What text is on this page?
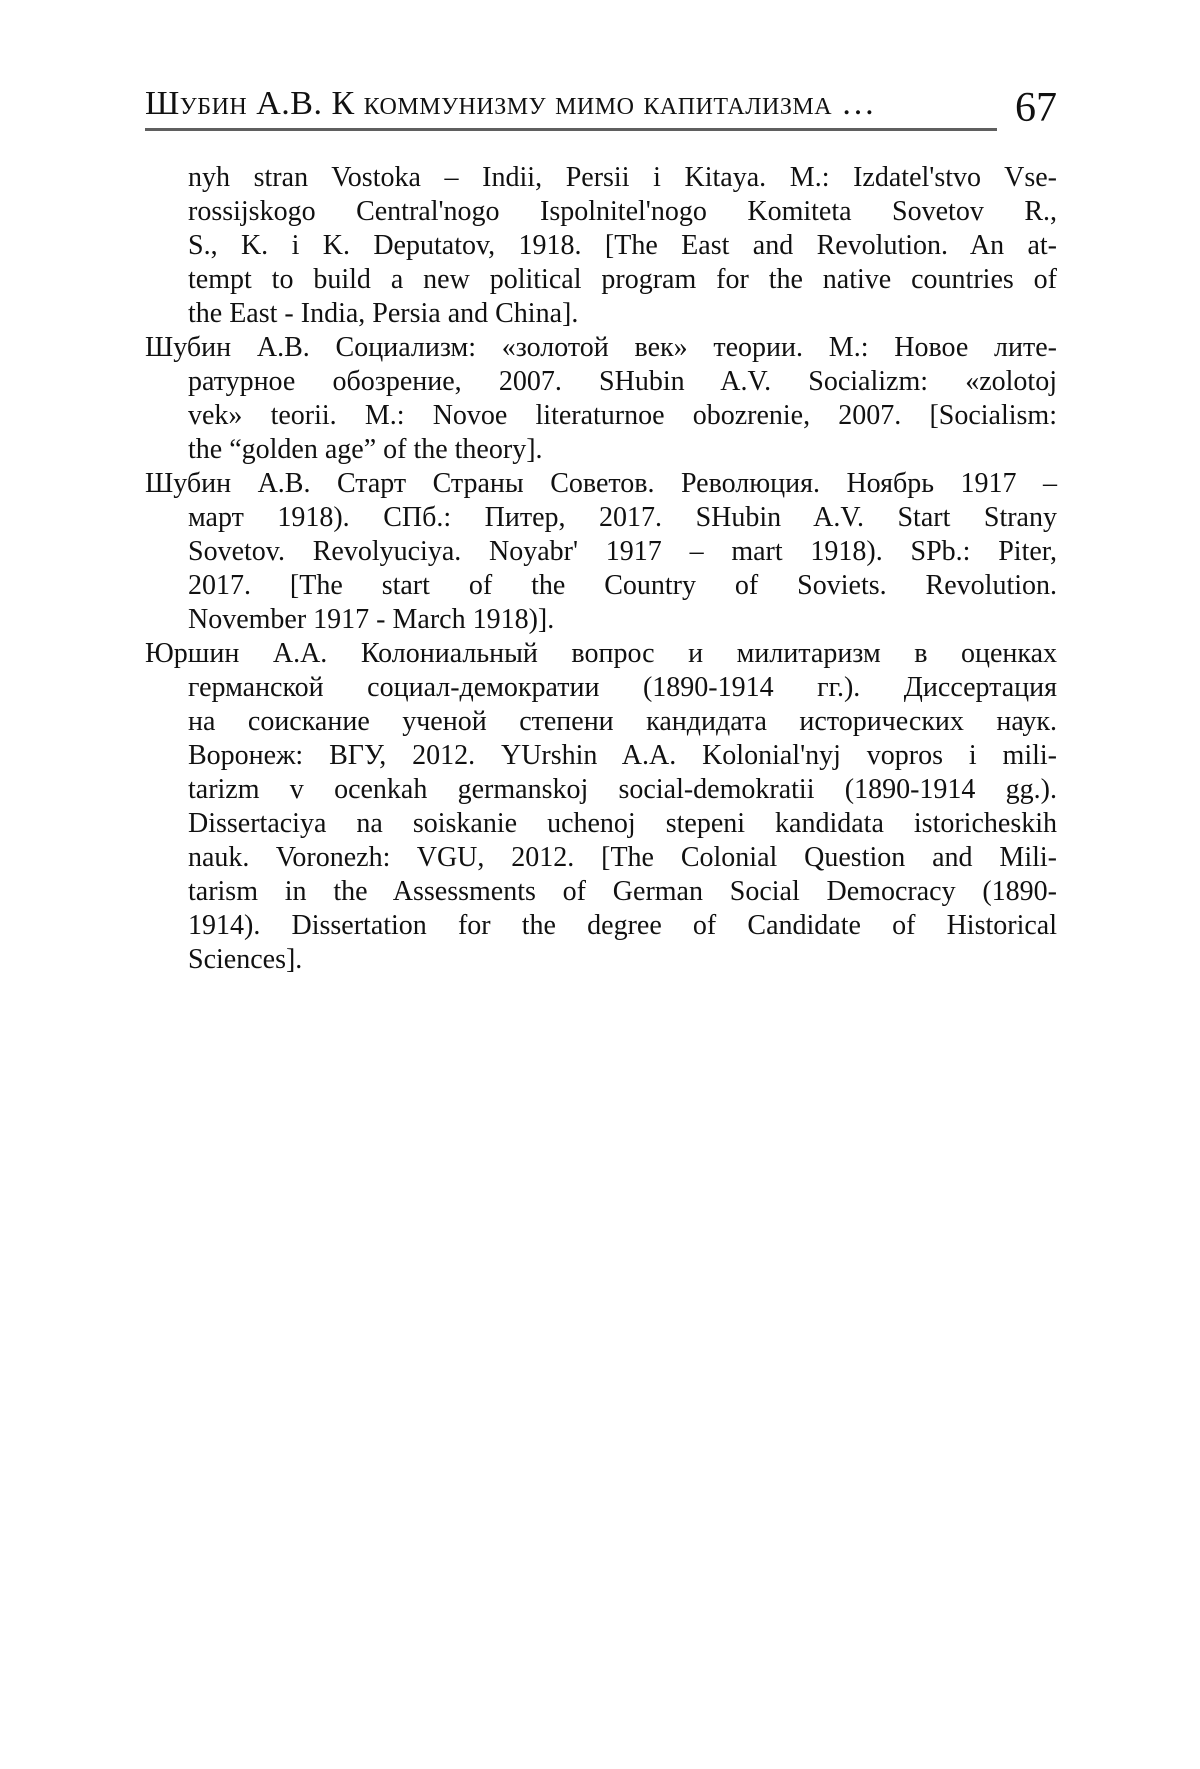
Шубин А.В. К коммунизму мимо капитализма …	67
nyh stran Vostoka – Indii, Persii i Kitaya. M.: Izdatel'stvo Vse-
rossijskogo Central'nogo Ispolnitel'nogo Komiteta Sovetov R.,
S., K. i K. Deputatov, 1918. [The East and Revolution. An at-
tempt to build a new political program for the native countries of
the East - India, Persia and China].
Шубин А.В. Социализм: «золотой век» теории. М.: Новое лите-
ратурное обозрение, 2007. SHubin A.V. Socializm: «zolotoj
vek» teorii. M.: Novoe literaturnoe obozrenie, 2007. [Socialism:
the “golden age” of the theory].
Шубин А.В. Старт Страны Советов. Революция. Ноябрь 1917 –
март 1918). СПб.: Питер, 2017. SHubin A.V. Start Strany
Sovetov. Revolyuciya. Noyabr' 1917 – mart 1918). SPb.: Piter,
2017. [The start of the Country of Soviets. Revolution.
November 1917 - March 1918)].
Юршин А.А. Колониальный вопрос и милитаризм в оценках
германской социал-демократии (1890-1914 гг.). Диссертация
на соискание ученой степени кандидата исторических наук.
Воронеж: ВГУ, 2012. YUrshin A.A. Kolonial'nyj vopros i mili-
tarizm v ocenkah germanskoj social-demokratii (1890-1914 gg.).
Dissertaciya na soiskanie uchenoj stepeni kandidata istoricheskih
nauk. Voronezh: VGU, 2012. [The Colonial Question and Mili-
tarism in the Assessments of German Social Democracy (1890-
1914). Dissertation for the degree of Candidate of Historical
Sciences].
